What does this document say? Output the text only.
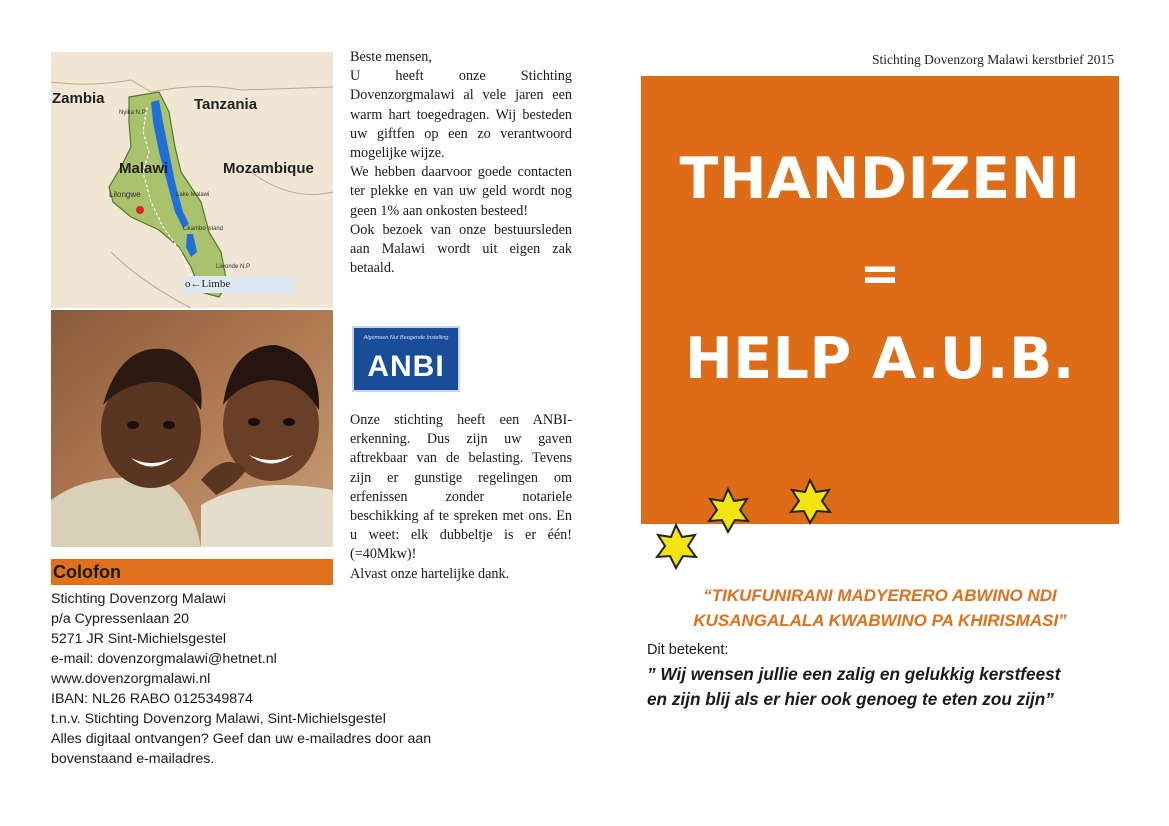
Zambia	Tanzania
Malawi	Mozambique
Lilongwe
Nyika N.P
Lake Malawi
Likambo island
Liwonde N.P
o←Limbe

Beste mensen,

U heeft onze Stichting Dovenzorgmalawi al vele jaren een warm hart toegedragen. Wij besteden uw giftfen op een zo verantwoord mogelijke wijze.

We hebben daarvoor goede contacten ter plekke en van uw geld wordt nog geen 1% aan onkosten besteed!

Ook bezoek van onze bestuursleden aan Malawi wordt uit eigen zak betaald.

Algemeen Nut Beogende Instelling
ANBI

Onze stichting heeft een ANBI-erkenning. Dus zijn uw gaven aftrekbaar van de belasting. Tevens zijn er gunstige regelingen om erfenissen zonder notariele beschikking af te spreken met ons. En u weet: elk dubbeltje is er één! (=40Mkw)!

Alvast onze hartelijke dank.

Colofon
Stichting Dovenzorg Malawi
p/a Cypressenlaan 20
5271 JR Sint-Michielsgestel
e-mail: dovenzorgmalawi@hetnet.nl
www.dovenzorgmalawi.nl
IBAN: NL26 RABO 0125349874
t.n.v. Stichting Dovenzorg Malawi, Sint-Michielsgestel
Alles digitaal ontvangen? Geef dan uw e-mailadres door aan
bovenstaand e-mailadres.
Stichting Dovenzorg Malawi kerstbrief 2015
THANDIZENI
=
HELP A.U.B.
“TIKUFUNIRANI MADYERERO ABWINO NDI
KUSANGALALA KWABWINO PA KHIRISMASI”
Dit betekent:
” Wij wensen jullie een zalig en gelukkig kerstfeest
en zijn blij als er hier ook genoeg te eten zou zijn”
